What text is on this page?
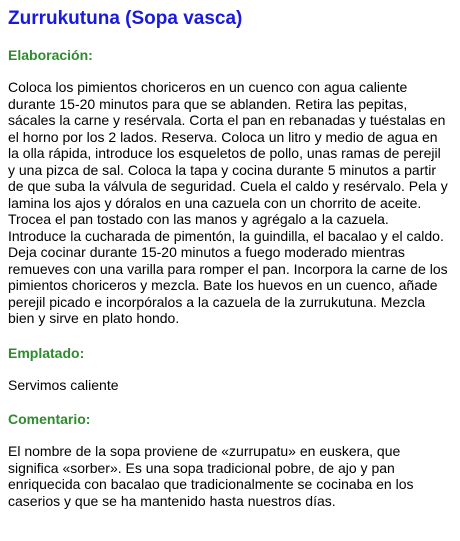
Zurrukutuna (Sopa vasca)
Elaboración:

Coloca los pimientos choriceros en un cuenco con agua caliente durante 15-20 minutos para que se ablanden. Retira las pepitas, sácales la carne y resérvala. Corta el pan en rebanadas y tuéstalas en el horno por los 2 lados. Reserva. Coloca un litro y medio de agua en la olla rápida, introduce los esqueletos de pollo, unas ramas de perejil y una pizca de sal. Coloca la tapa y cocina durante 5 minutos a partir de que suba la válvula de seguridad. Cuela el caldo y resérvalo. Pela y lamina los ajos y dóralos en una cazuela con un chorrito de aceite. Trocea el pan tostado con las manos y agrégalo a la cazuela. Introduce la cucharada de pimentón, la guindilla, el bacalao y el caldo. Deja cocinar durante 15-20 minutos a fuego moderado mientras remueves con una varilla para romper el pan. Incorpora la carne de los pimientos choriceros y mezcla. Bate los huevos en un cuenco, añade perejil picado e incorpóralos a la cazuela de la zurrukutuna. Mezcla bien y sirve en plato hondo.

Emplatado:

Servimos caliente

Comentario:

El nombre de la sopa proviene de «zurrupatu» en euskera, que significa «sorber». Es una sopa tradicional pobre, de ajo y pan enriquecida con bacalao que tradicionalmente se cocinaba en los caserios y que se ha mantenido hasta nuestros días.
